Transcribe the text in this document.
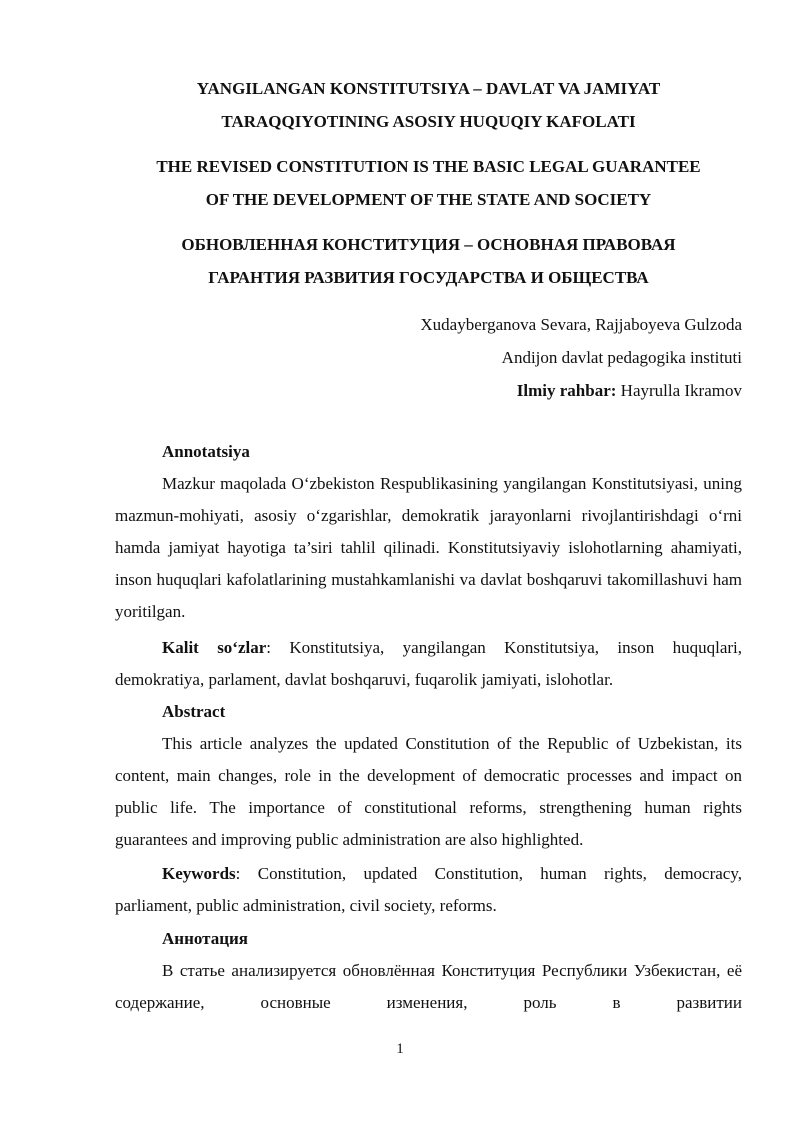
YANGILANGAN KONSTITUTSIYA – DAVLAT VA JAMIYAT
TARAQQIYOTINING ASOSIY HUQUQIY KAFOLATI
THE REVISED CONSTITUTION IS THE BASIC LEGAL GUARANTEE
OF THE DEVELOPMENT OF THE STATE AND SOCIETY
ОБНОВЛЕННАЯ КОНСТИТУЦИЯ – ОСНОВНАЯ ПРАВОВАЯ
ГАРАНТИЯ РАЗВИТИЯ ГОСУДАРСТВА И ОБЩЕСТВА
Xudayberganova Sevara, Rajjaboyeva Gulzoda
Andijon davlat pedagogika instituti
Ilmiy rahbar: Hayrulla Ikramov

Annotatsiya

Mazkur maqolada O‘zbekiston Respublikasining yangilangan Konstitutsiyasi, uning mazmun-mohiyati, asosiy o‘zgarishlar, demokratik jarayonlarni rivojlantirishdagi o‘rni hamda jamiyat hayotiga ta’siri tahlil qilinadi. Konstitutsiyaviy islohotlarning ahamiyati, inson huquqlari kafolatlarining mustahkamlanishi va davlat boshqaruvi takomillashuvi ham yoritilgan.

Kalit so‘zlar: Konstitutsiya, yangilangan Konstitutsiya, inson huquqlari, demokratiya, parlament, davlat boshqaruvi, fuqarolik jamiyati, islohotlar.

Abstract

This article analyzes the updated Constitution of the Republic of Uzbekistan, its content, main changes, role in the development of democratic processes and impact on public life. The importance of constitutional reforms, strengthening human rights guarantees and improving public administration are also highlighted.

Keywords: Constitution, updated Constitution, human rights, democracy, parliament, public administration, civil society, reforms.

Аннотация

В статье анализируется обновлённая Конституция Республики Узбекистан, её содержание, основные изменения, роль в развитии

1
